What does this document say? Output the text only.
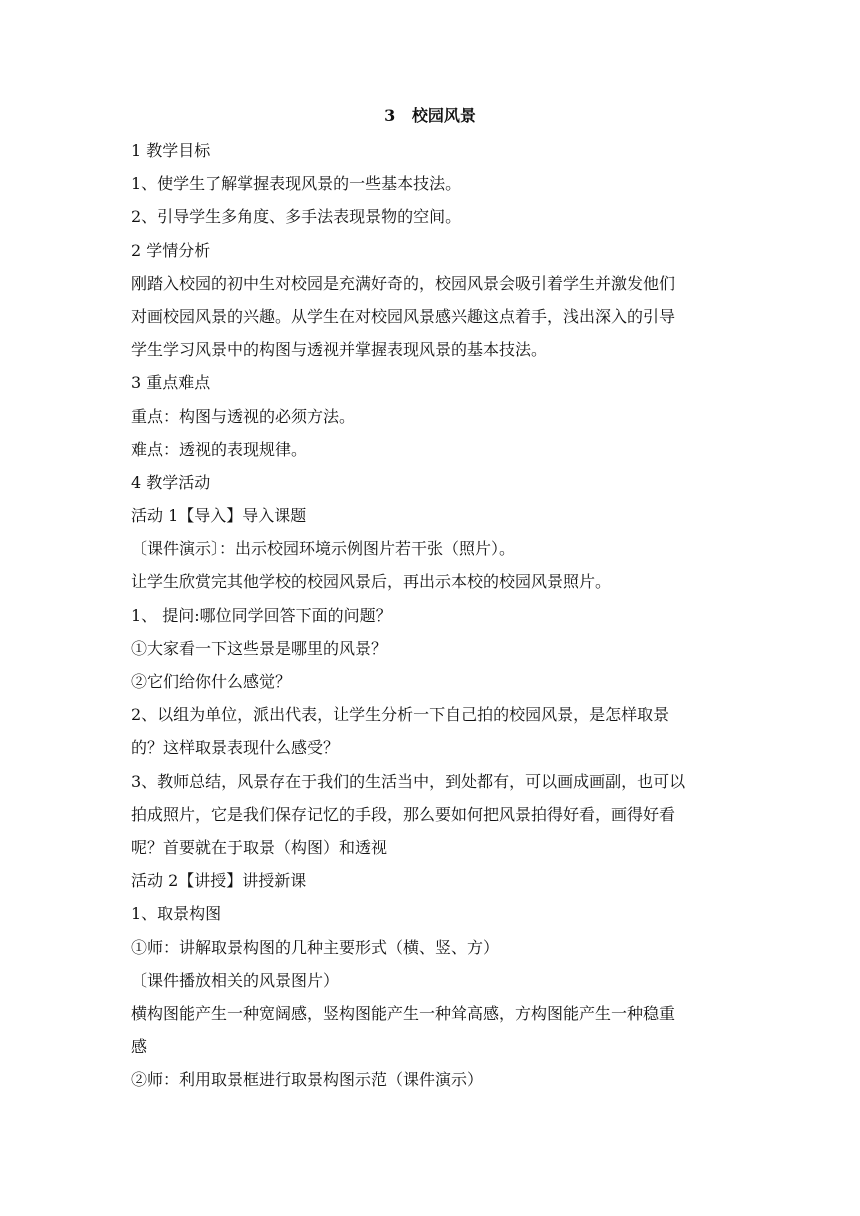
3   校园风景
1 教学目标
1、使学生了解掌握表现风景的一些基本技法。
2、引导学生多角度、多手法表现景物的空间。
2 学情分析
刚踏入校园的初中生对校园是充满好奇的，校园风景会吸引着学生并激发他们
对画校园风景的兴趣。从学生在对校园风景感兴趣这点着手，浅出深入的引导
学生学习风景中的构图与透视并掌握表现风景的基本技法。
3 重点难点
重点：构图与透视的必须方法。
难点：透视的表现规律。
4 教学活动
活动 1【导入】导入课题
〔课件演示〕：出示校园环境示例图片若干张（照片）。
让学生欣赏完其他学校的校园风景后，再出示本校的校园风景照片。
1、 提问:哪位同学回答下面的问题？
①大家看一下这些景是哪里的风景？
②它们给你什么感觉？
2、以组为单位，派出代表，让学生分析一下自己拍的校园风景，是怎样取景
的？这样取景表现什么感受？
3、教师总结，风景存在于我们的生活当中，到处都有，可以画成画副，也可以
拍成照片，它是我们保存记忆的手段，那么要如何把风景拍得好看，画得好看
呢？首要就在于取景（构图）和透视
活动 2【讲授】讲授新课
1、取景构图
①师：讲解取景构图的几种主要形式（横、竖、方）
〔课件播放相关的风景图片）
横构图能产生一种宽阔感，竖构图能产生一种耸高感，方构图能产生一种稳重
感
②师：利用取景框进行取景构图示范（课件演示）
